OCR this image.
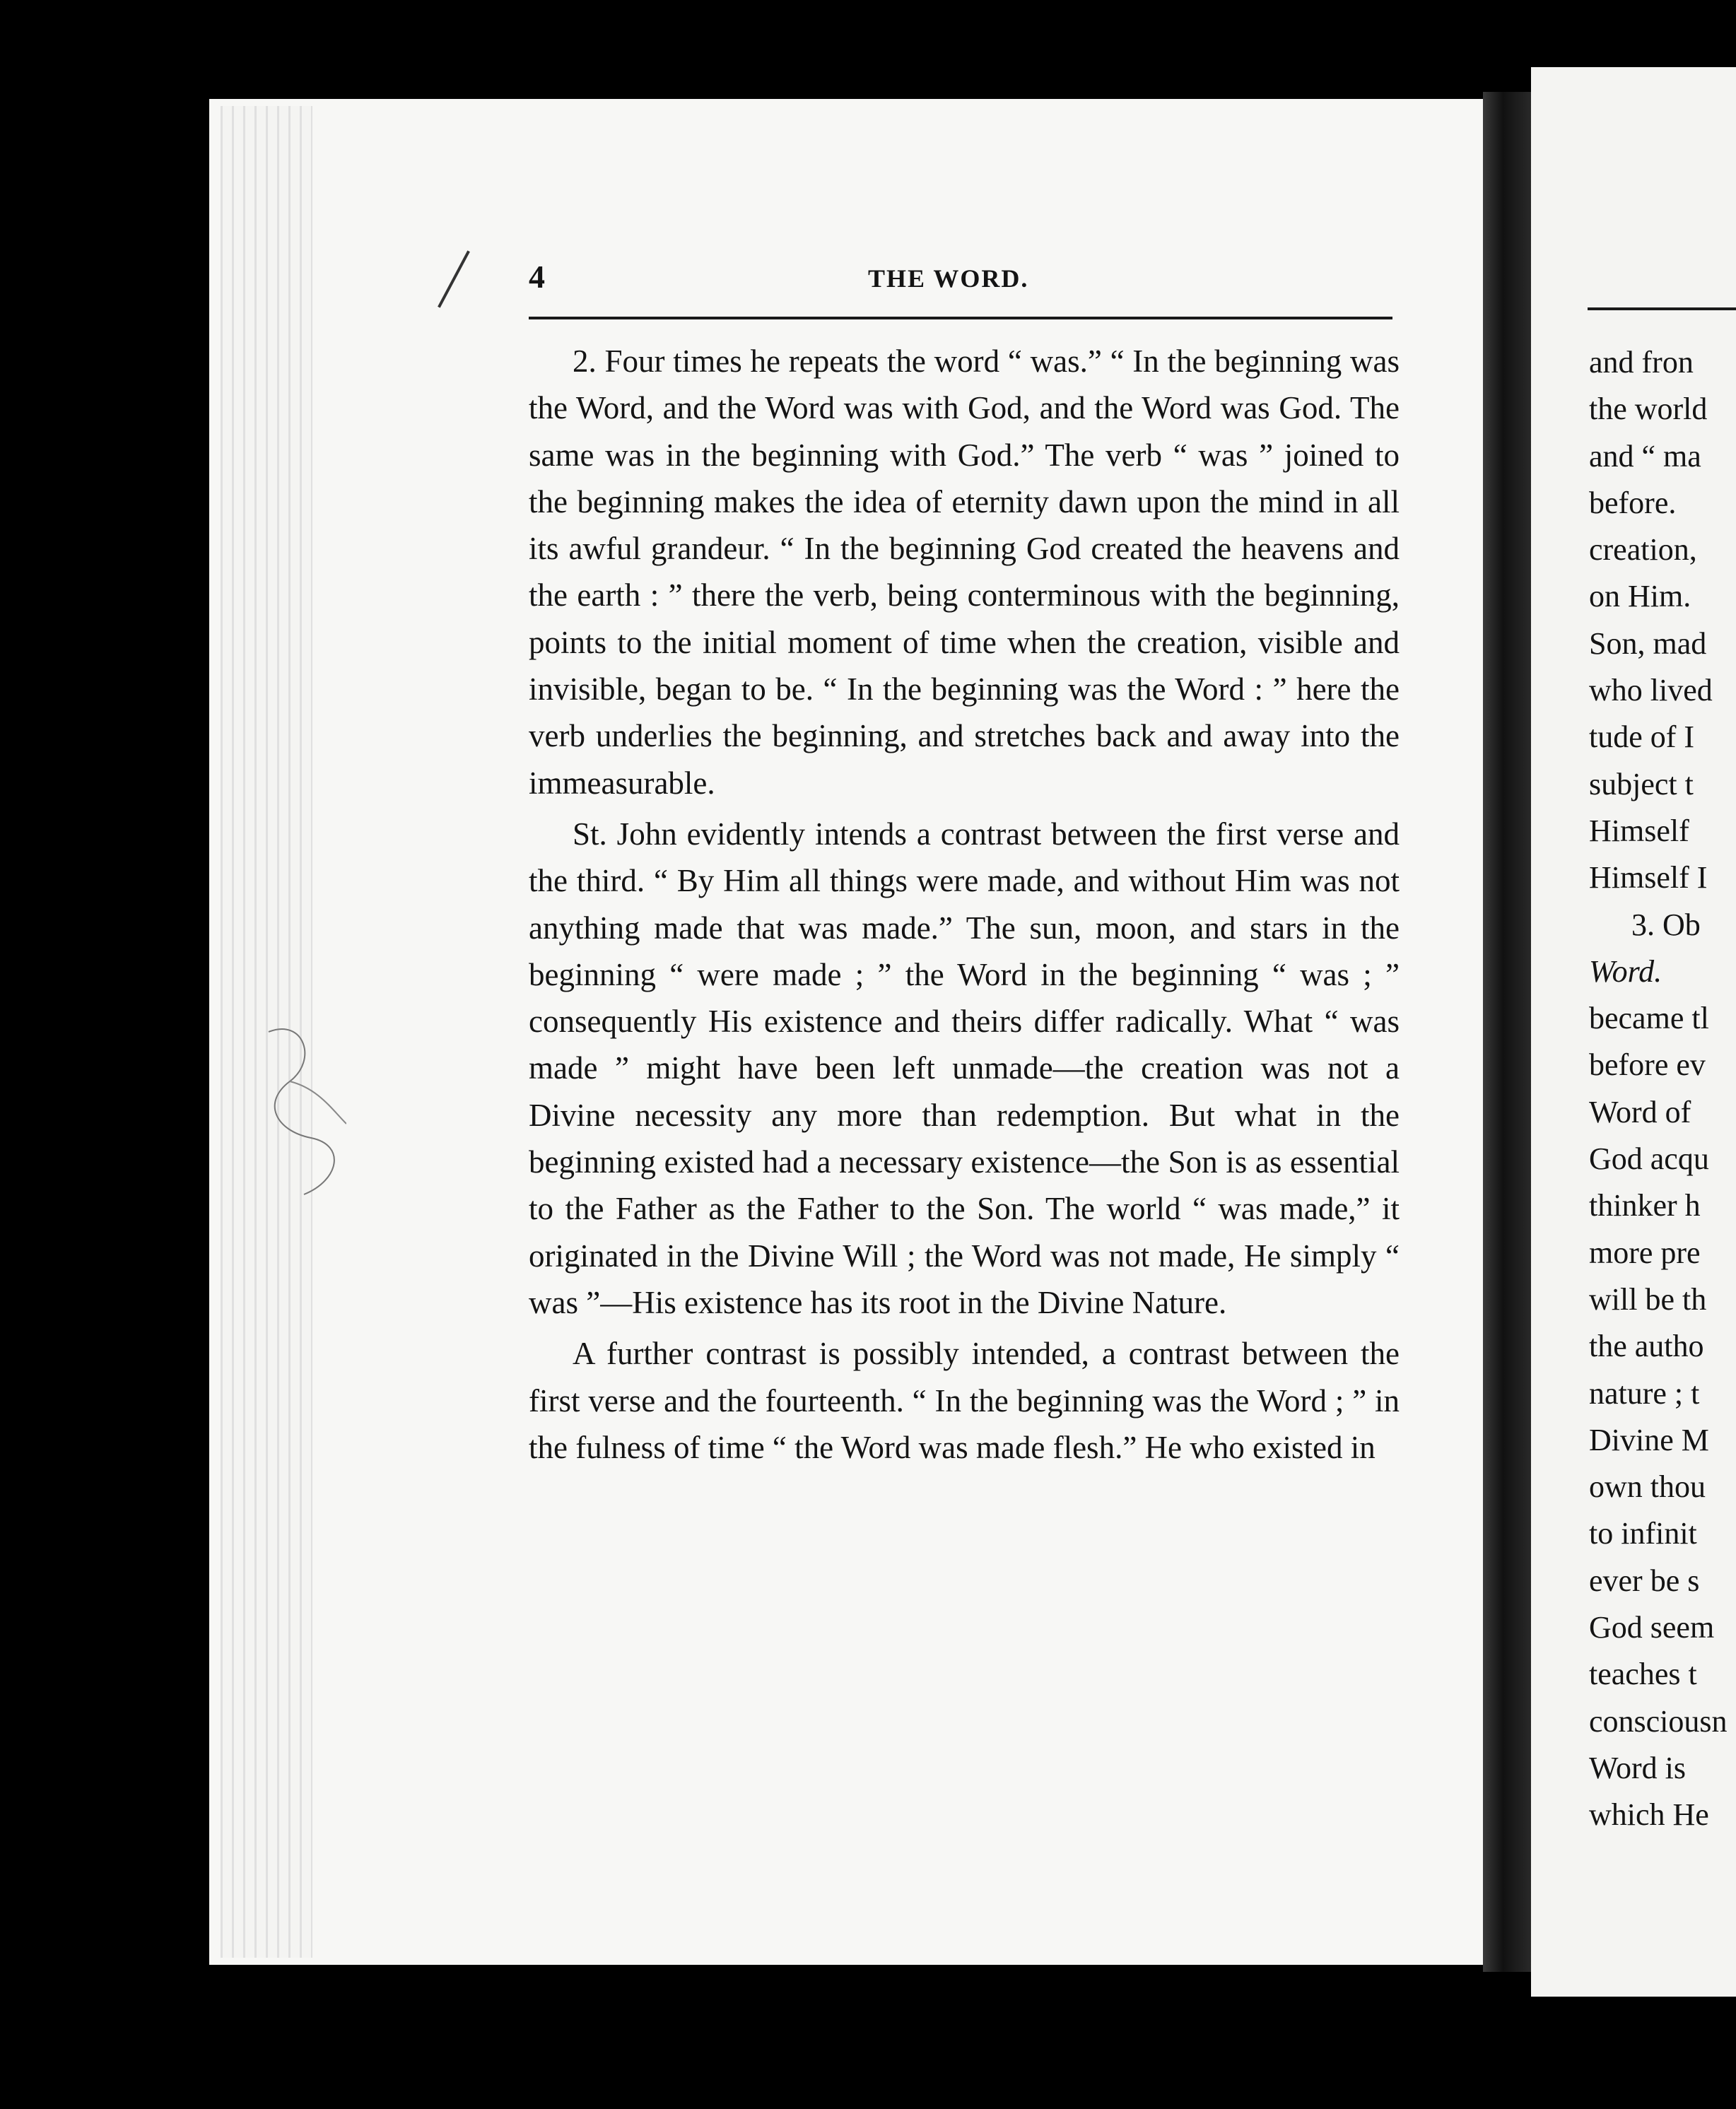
4	THE WORD.

2. Four times he repeats the word “ was.” “ In the beginning was the Word, and the Word was with God, and the Word was God. The same was in the beginning with God.” The verb “ was ” joined to the beginning makes the idea of eternity dawn upon the mind in all its awful grandeur. “ In the beginning God created the heavens and the earth : ” there the verb, being conterminous with the beginning, points to the initial moment of time when the creation, visible and invisible, began to be. “ In the beginning was the Word : ” here the verb underlies the beginning, and stretches back and away into the immeasurable.

St. John evidently intends a contrast between the first verse and the third. “ By Him all things were made, and without Him was not anything made that was made.” The sun, moon, and stars in the beginning “ were made ; ” the Word in the beginning “ was ; ” consequently His existence and theirs differ radically. What “ was made ” might have been left unmade—the creation was not a Divine necessity any more than redemption. But what in the beginning existed had a necessary existence—the Son is as essential to the Father as the Father to the Son. The world “ was made,” it originated in the Divine Will ; the Word was not made, He simply “ was ”—His existence has its root in the Divine Nature.

A further contrast is possibly intended, a contrast between the first verse and the fourteenth. “ In the beginning was the Word ; ” in the fulness of time “ the Word was made flesh.” He who existed in

and fron
the world
and “ ma
before.
creation,
on Him.
Son, mad
who lived
tude of I
subject t
Himself
Himself I
3. Ob
Word.
became tl
before ev
Word of
God acqu
thinker h
more pre
will be th
the autho
nature ; t
Divine M
own thou
to infinit
ever be s
God seem
teaches t
consciousn
Word is
which He
